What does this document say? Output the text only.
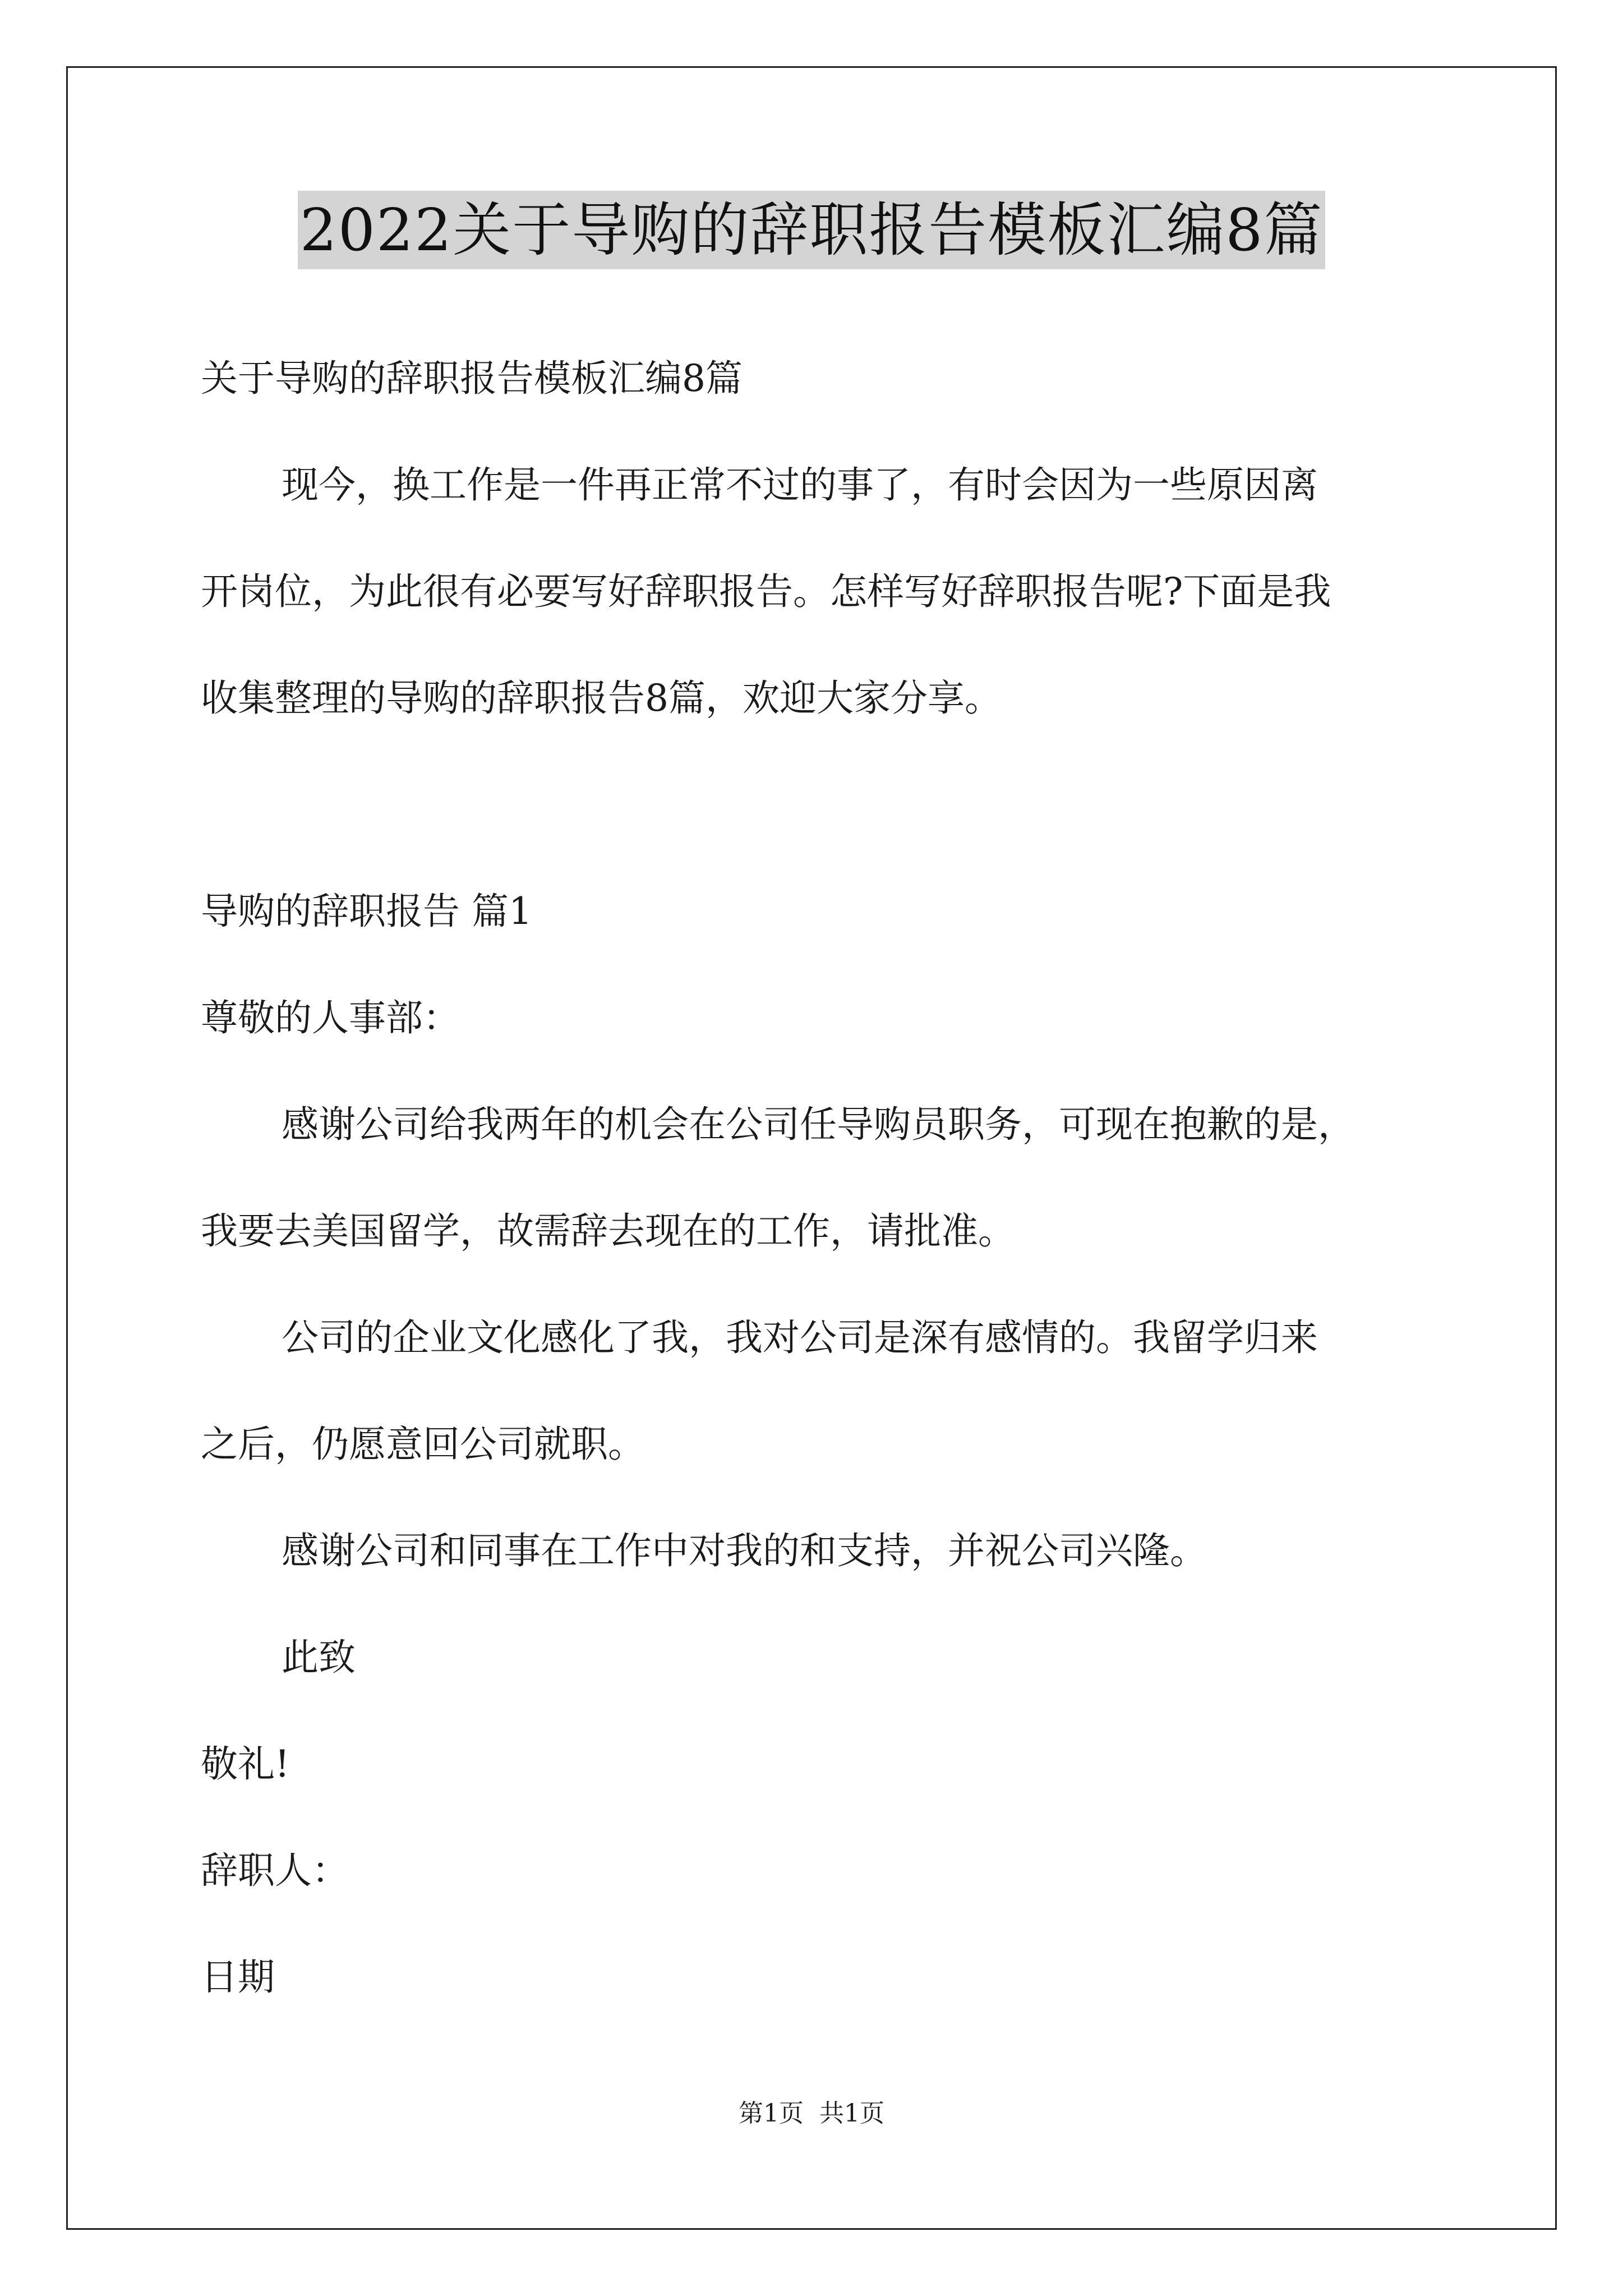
2022关于导购的辞职报告模板汇编8篇
关于导购的辞职报告模板汇编8篇
现今，换工作是一件再正常不过的事了，有时会因为一些原因离
开岗位，为此很有必要写好辞职报告。怎样写好辞职报告呢?下面是我
收集整理的导购的辞职报告8篇，欢迎大家分享。
导购的辞职报告 篇1
尊敬的人事部：
感谢公司给我两年的机会在公司任导购员职务，可现在抱歉的是，
我要去美国留学，故需辞去现在的工作，请批准。
公司的企业文化感化了我，我对公司是深有感情的。我留学归来
之后，仍愿意回公司就职。
感谢公司和同事在工作中对我的和支持，并祝公司兴隆。
此致
敬礼!
辞职人：
日期
第1页 共1页
